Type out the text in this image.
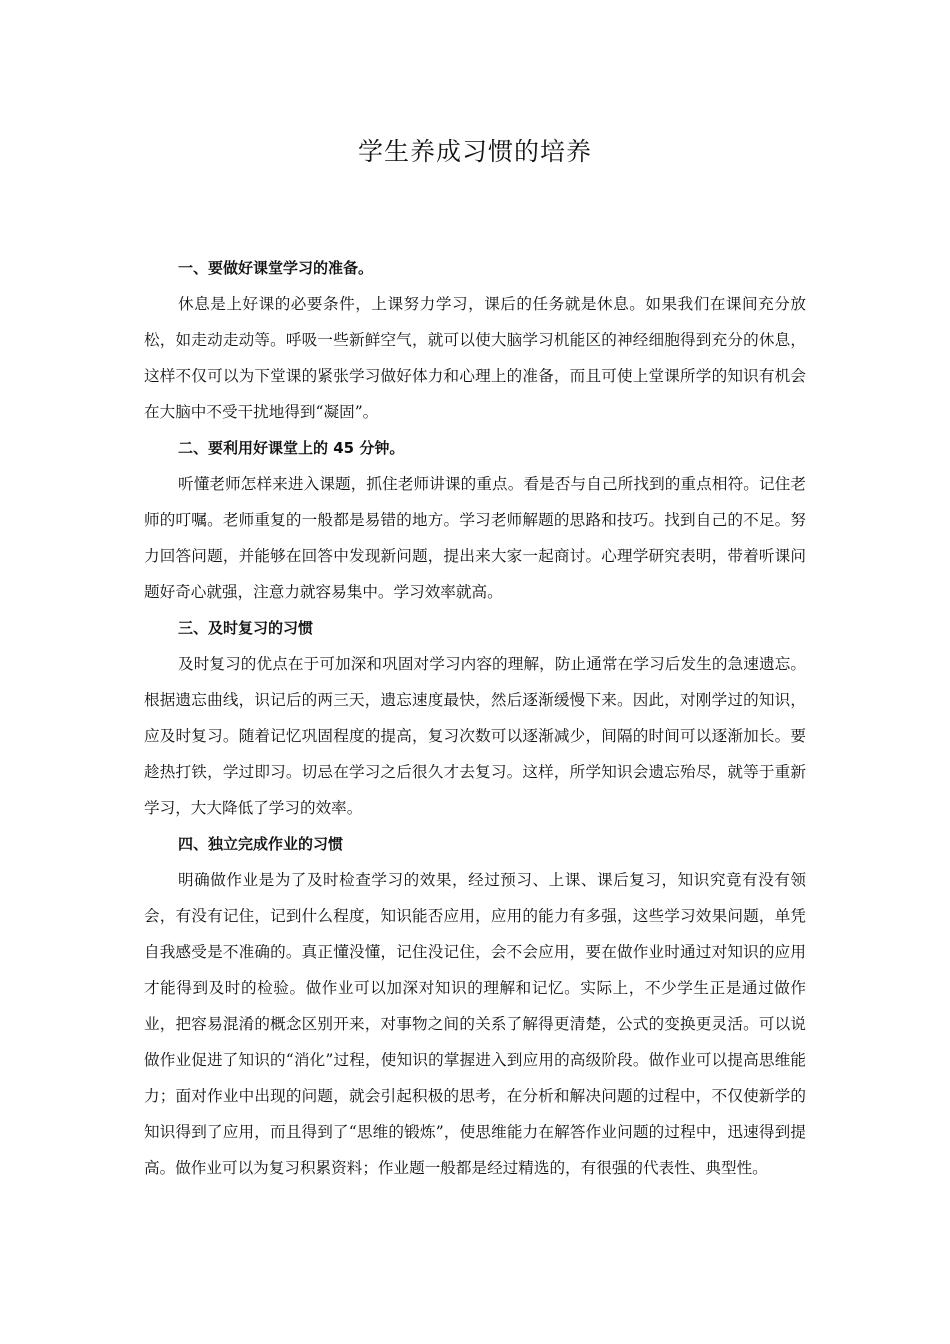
学生养成习惯的培养

一、要做好课堂学习的准备。

休息是上好课的必要条件，上课努力学习，课后的任务就是休息。如果我们在课间充分放松，如走动走动等。呼吸一些新鲜空气，就可以使大脑学习机能区的神经细胞得到充分的休息，这样不仅可以为下堂课的紧张学习做好体力和心理上的准备，而且可使上堂课所学的知识有机会在大脑中不受干扰地得到“凝固”。

二、要利用好课堂上的 45 分钟。

听懂老师怎样来进入课题，抓住老师讲课的重点。看是否与自己所找到的重点相符。记住老师的叮嘱。老师重复的一般都是易错的地方。学习老师解题的思路和技巧。找到自己的不足。努力回答问题，并能够在回答中发现新问题，提出来大家一起商讨。心理学研究表明，带着听课问题好奇心就强，注意力就容易集中。学习效率就高。

三、及时复习的习惯

及时复习的优点在于可加深和巩固对学习内容的理解，防止通常在学习后发生的急速遗忘。根据遗忘曲线，识记后的两三天，遗忘速度最快，然后逐渐缓慢下来。因此，对刚学过的知识，应及时复习。随着记忆巩固程度的提高，复习次数可以逐渐减少，间隔的时间可以逐渐加长。要趁热打铁，学过即习。切忌在学习之后很久才去复习。这样，所学知识会遗忘殆尽，就等于重新学习，大大降低了学习的效率。

四、独立完成作业的习惯

明确做作业是为了及时检查学习的效果，经过预习、上课、课后复习，知识究竟有没有领会，有没有记住，记到什么程度，知识能否应用，应用的能力有多强，这些学习效果问题，单凭自我感受是不准确的。真正懂没懂，记住没记住，会不会应用，要在做作业时通过对知识的应用才能得到及时的检验。做作业可以加深对知识的理解和记忆。实际上，不少学生正是通过做作业，把容易混淆的概念区别开来，对事物之间的关系了解得更清楚，公式的变换更灵活。可以说做作业促进了知识的“消化”过程，使知识的掌握进入到应用的高级阶段。做作业可以提高思维能力；面对作业中出现的问题，就会引起积极的思考，在分析和解决问题的过程中，不仅使新学的知识得到了应用，而且得到了“思维的锻炼”，使思维能力在解答作业问题的过程中，迅速得到提高。做作业可以为复习积累资料；作业题一般都是经过精选的，有很强的代表性、典型性。
